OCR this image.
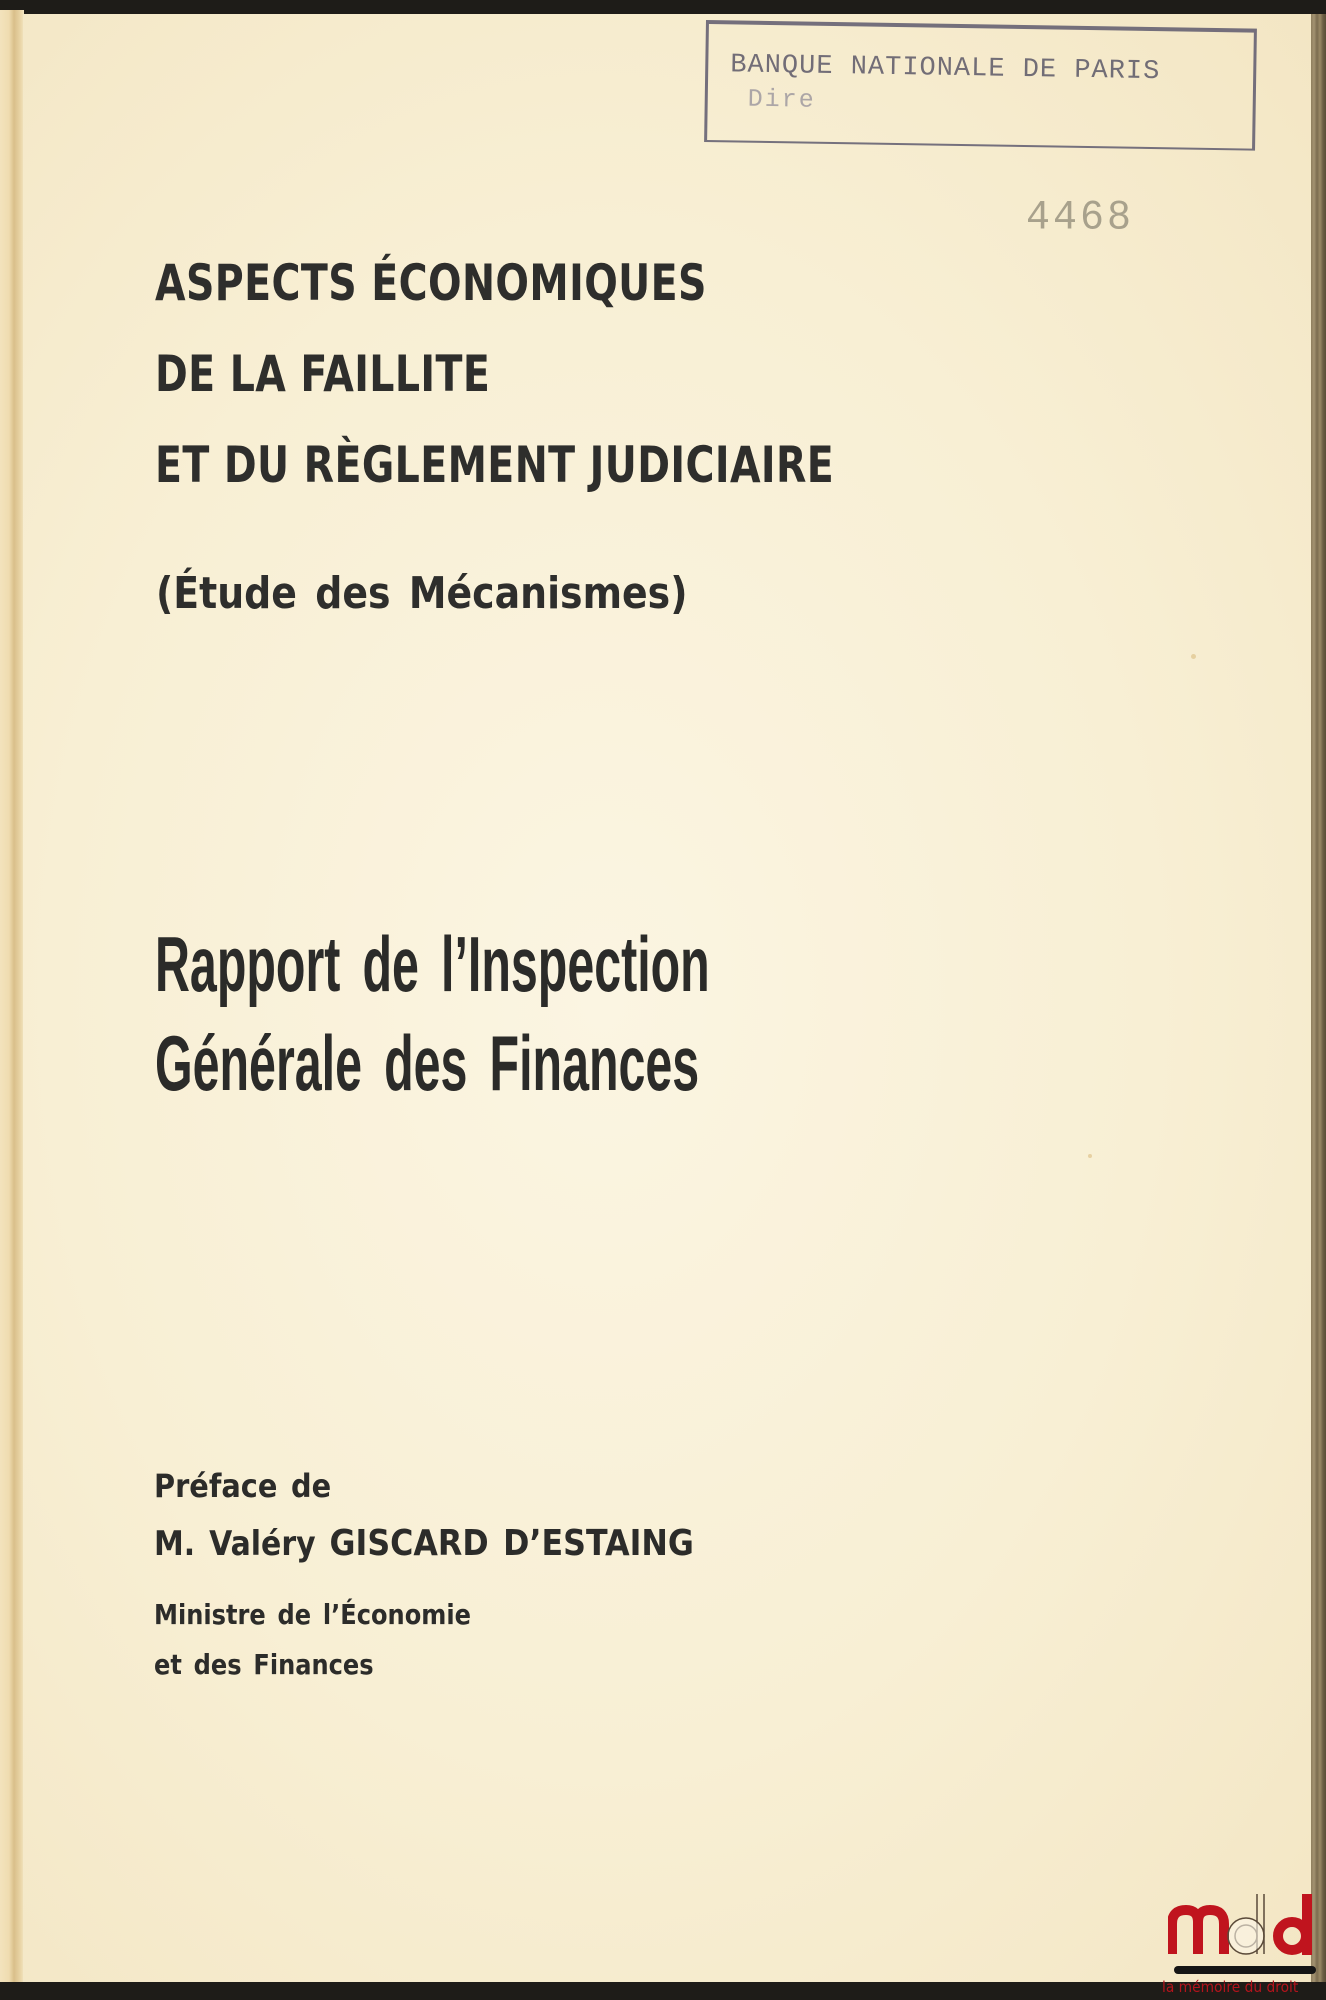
BANQUE NATIONALE DE PARIS
Dire
4468
ASPECTS ÉCONOMIQUES
DE LA FAILLITE
ET DU RÈGLEMENT JUDICIAIRE
(Étude des Mécanismes)
Rapport de l’Inspection
Générale des Finances
Préface de
M. Valéry GISCARD D’ESTAING
Ministre de l’Économie
et des Finances
la mémoire du droit
